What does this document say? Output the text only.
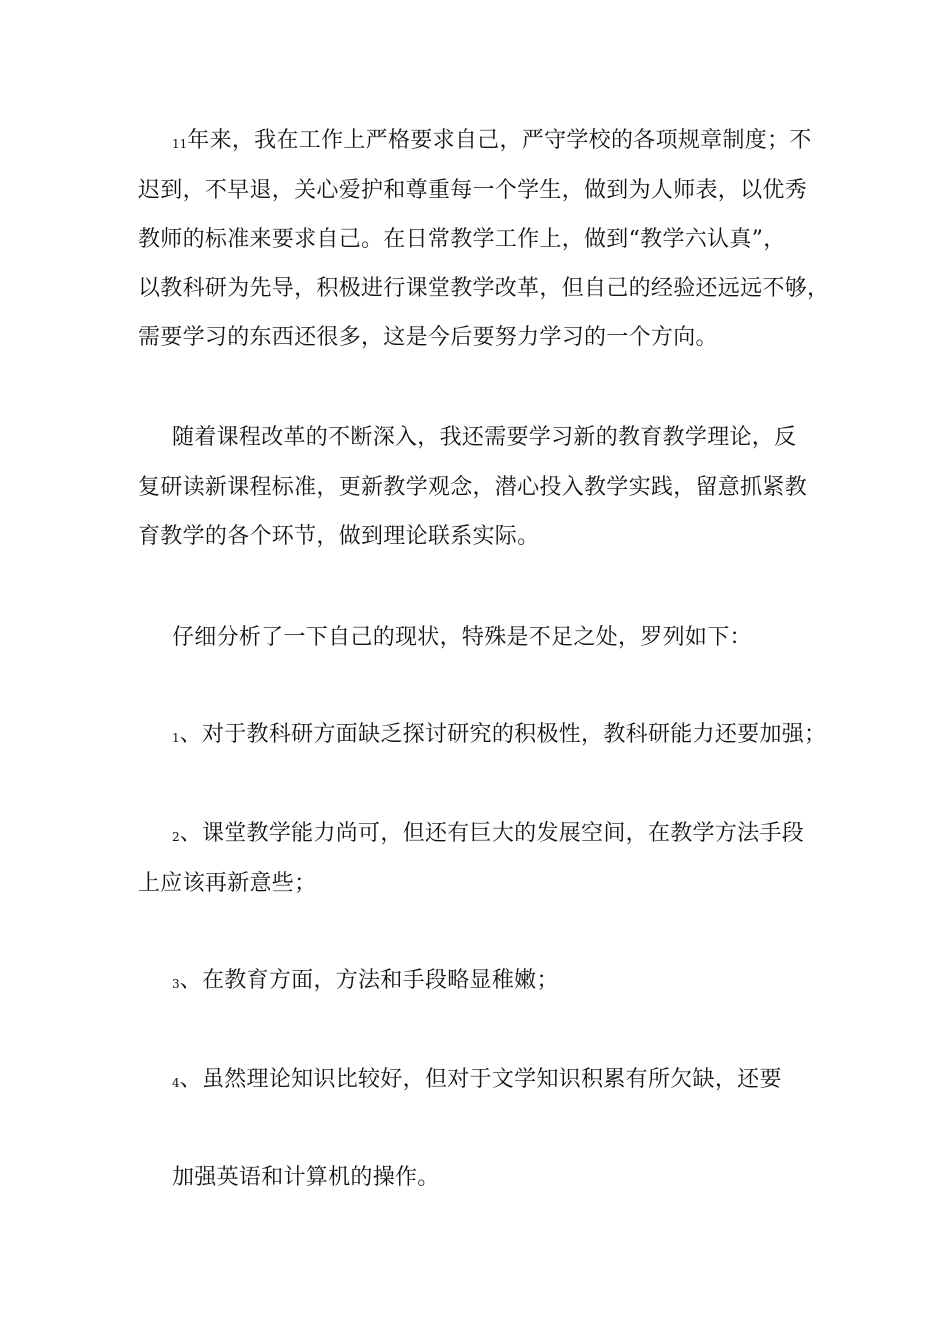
11年来，我在工作上严格要求自己，严守学校的各项规章制度；不
迟到，不早退，关心爱护和尊重每一个学生，做到为人师表，以优秀
教师的标准来要求自己。在日常教学工作上，做到“教学六认真”，
以教科研为先导，积极进行课堂教学改革，但自己的经验还远远不够，
需要学习的东西还很多，这是今后要努力学习的一个方向。
随着课程改革的不断深入，我还需要学习新的教育教学理论，反
复研读新课程标准，更新教学观念，潜心投入教学实践，留意抓紧教
育教学的各个环节，做到理论联系实际。
仔细分析了一下自己的现状，特殊是不足之处，罗列如下：
1、对于教科研方面缺乏探讨研究的积极性，教科研能力还要加强；
2、课堂教学能力尚可，但还有巨大的发展空间，在教学方法手段
上应该再新意些；
3、在教育方面，方法和手段略显稚嫩；
4、虽然理论知识比较好，但对于文学知识积累有所欠缺，还要
加强英语和计算机的操作。
